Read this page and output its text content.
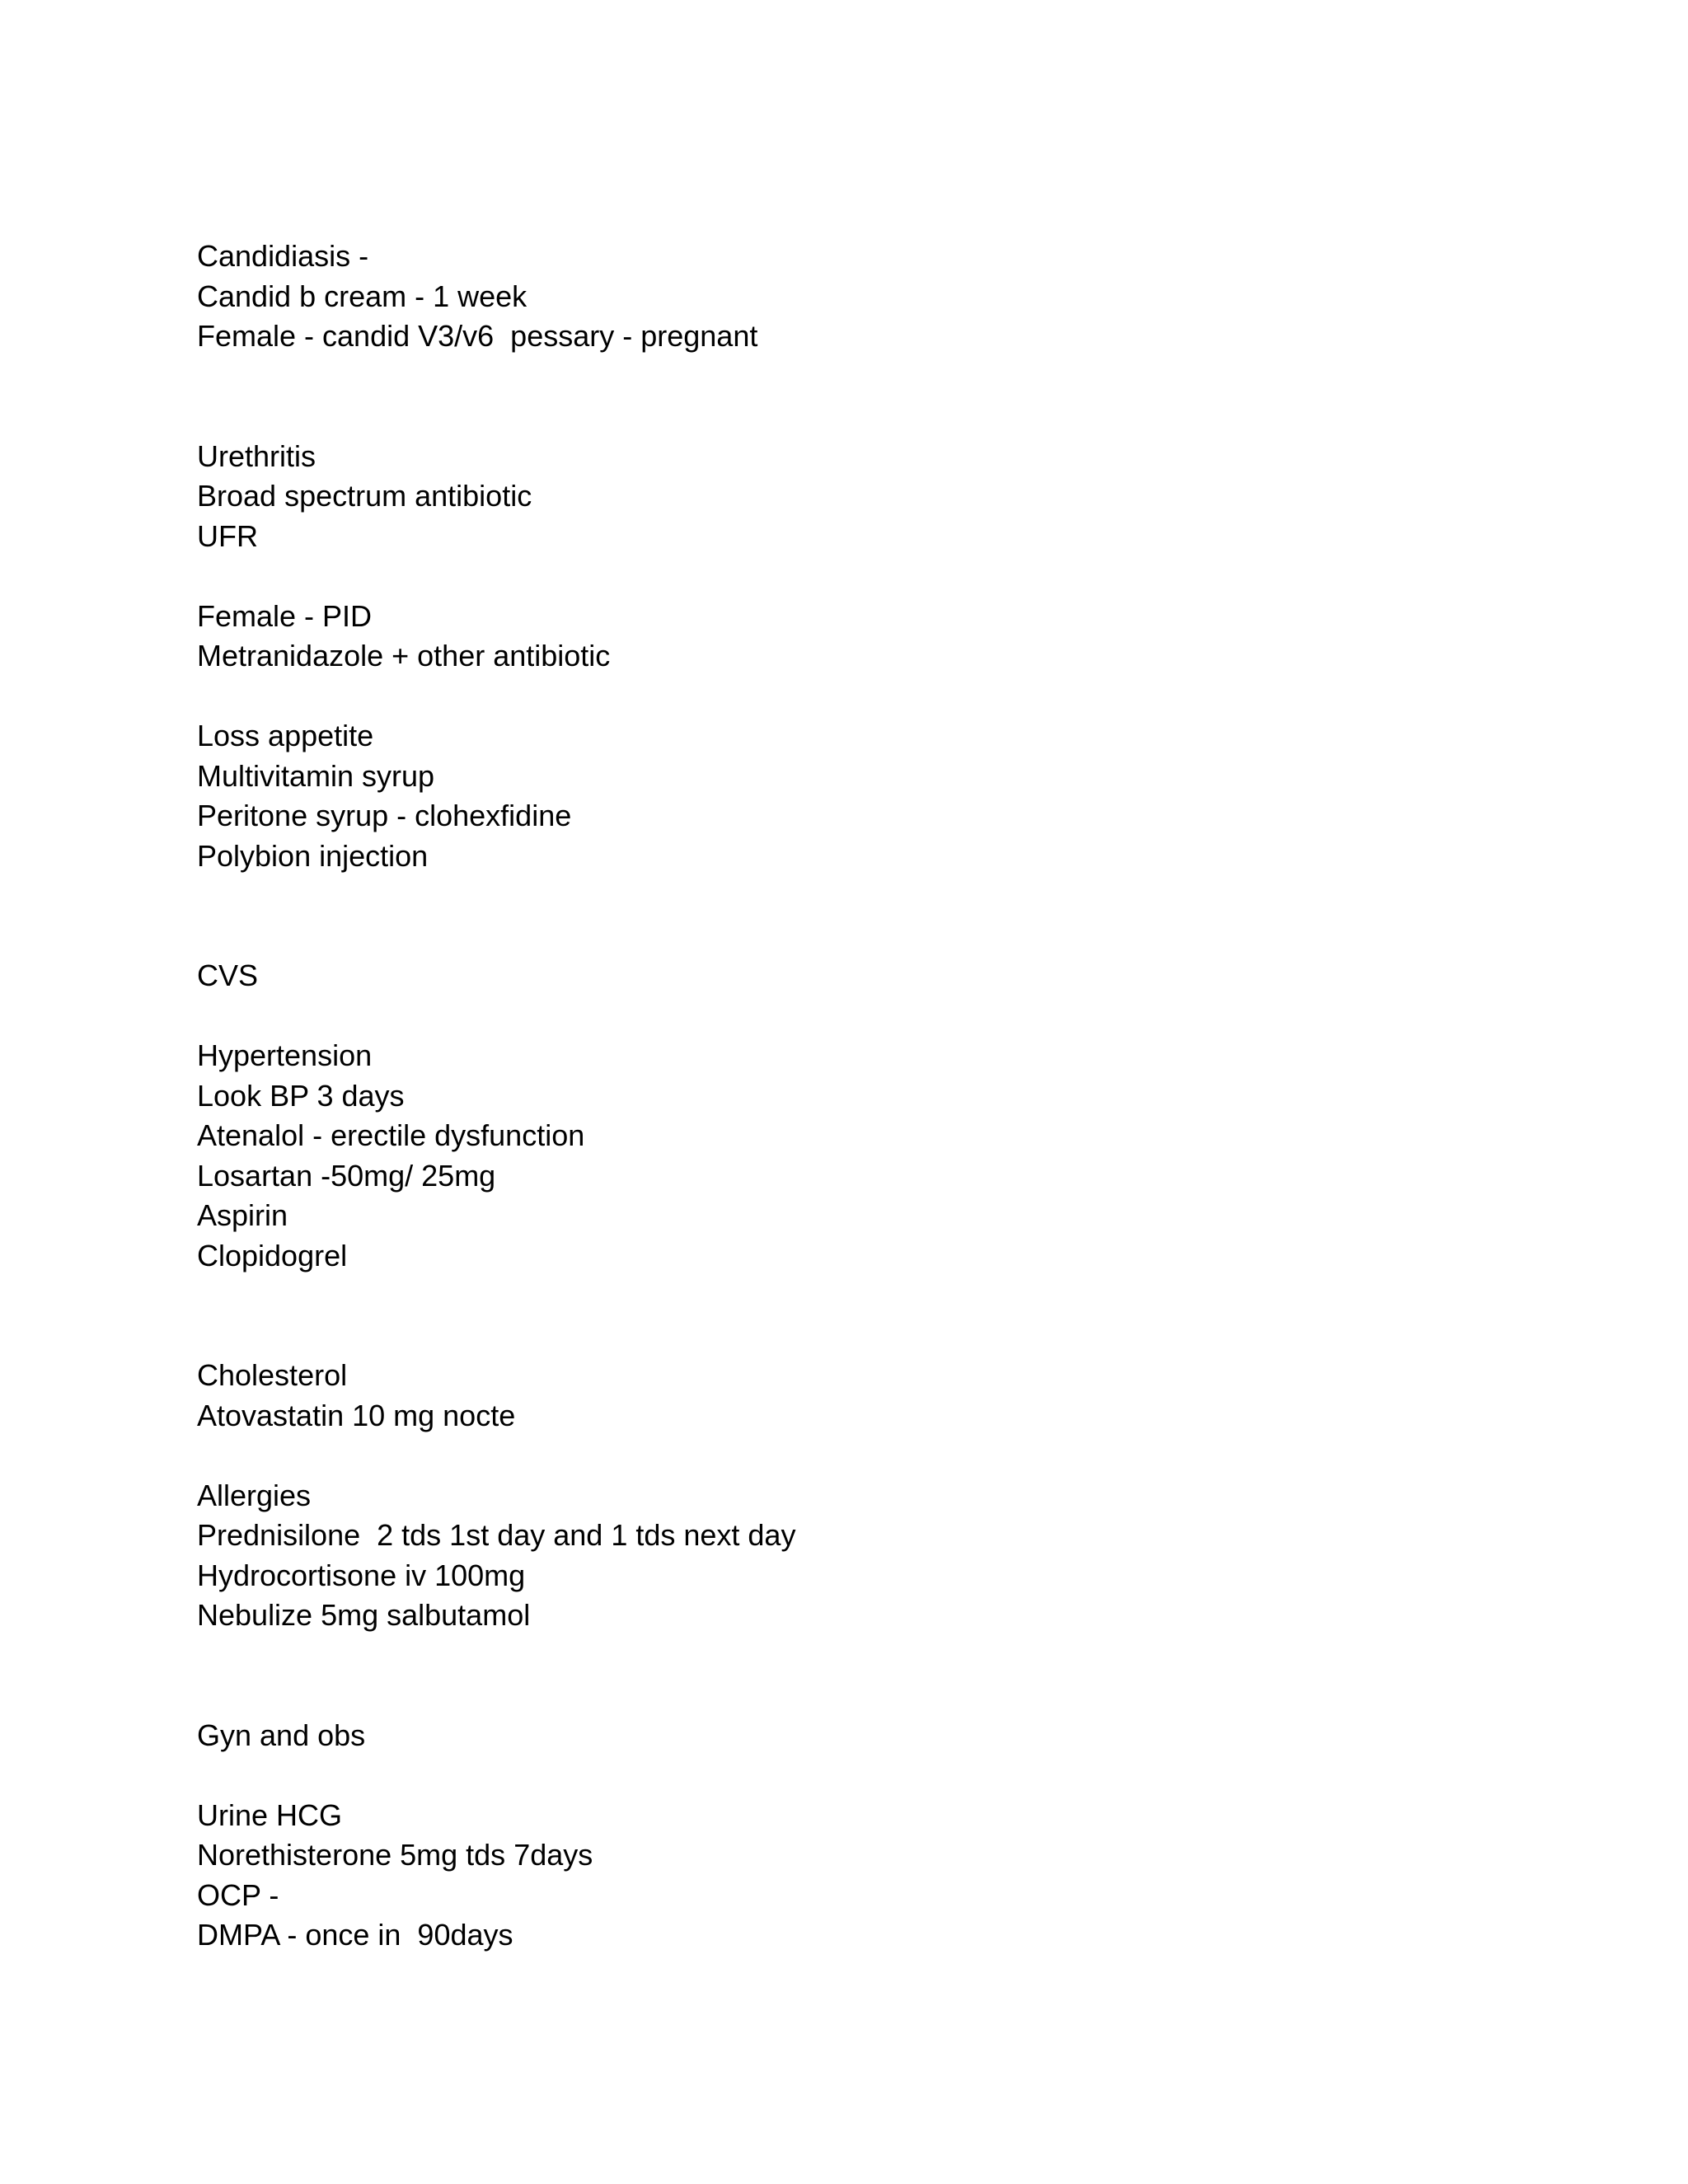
Candidiasis -
Candid b cream - 1 week
Female - candid V3/v6  pessary - pregnant
Urethritis
Broad spectrum antibiotic
UFR
Female - PID
Metranidazole + other antibiotic
Loss appetite
Multivitamin syrup
Peritone syrup - clohexfidine
Polybion injection
CVS
Hypertension
Look BP 3 days
Atenalol - erectile dysfunction
Losartan -50mg/ 25mg
Aspirin
Clopidogrel
Cholesterol
Atovastatin 10 mg nocte
Allergies
Prednisilone  2 tds 1st day and 1 tds next day
Hydrocortisone iv 100mg
Nebulize 5mg salbutamol
Gyn and obs
Urine HCG
Norethisterone 5mg tds 7days
OCP -
DMPA - once in  90days
